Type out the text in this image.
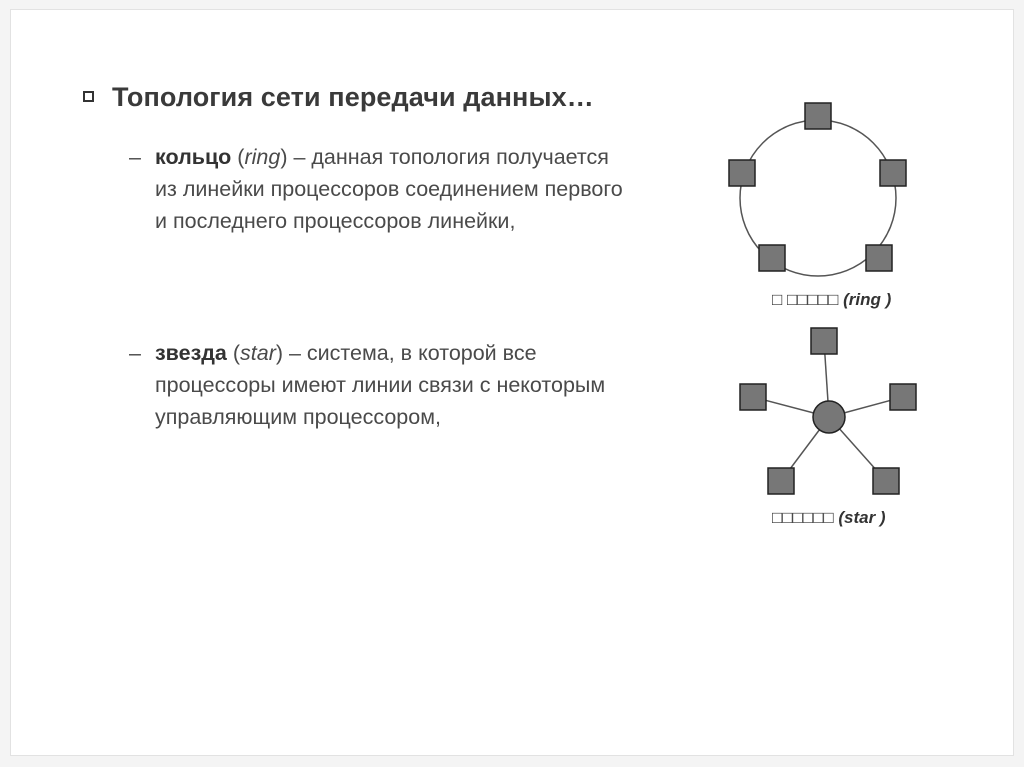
Топология сети передачи данных…
– кольцо (ring) – данная топология получается из линейки процессоров соединением первого и последнего процессоров линейки,
– звезда (star) – система, в которой все процессоры имеют линии связи с некоторым управляющим процессором,
□ □□□□□ (ring )
□□□□□□ (star )
